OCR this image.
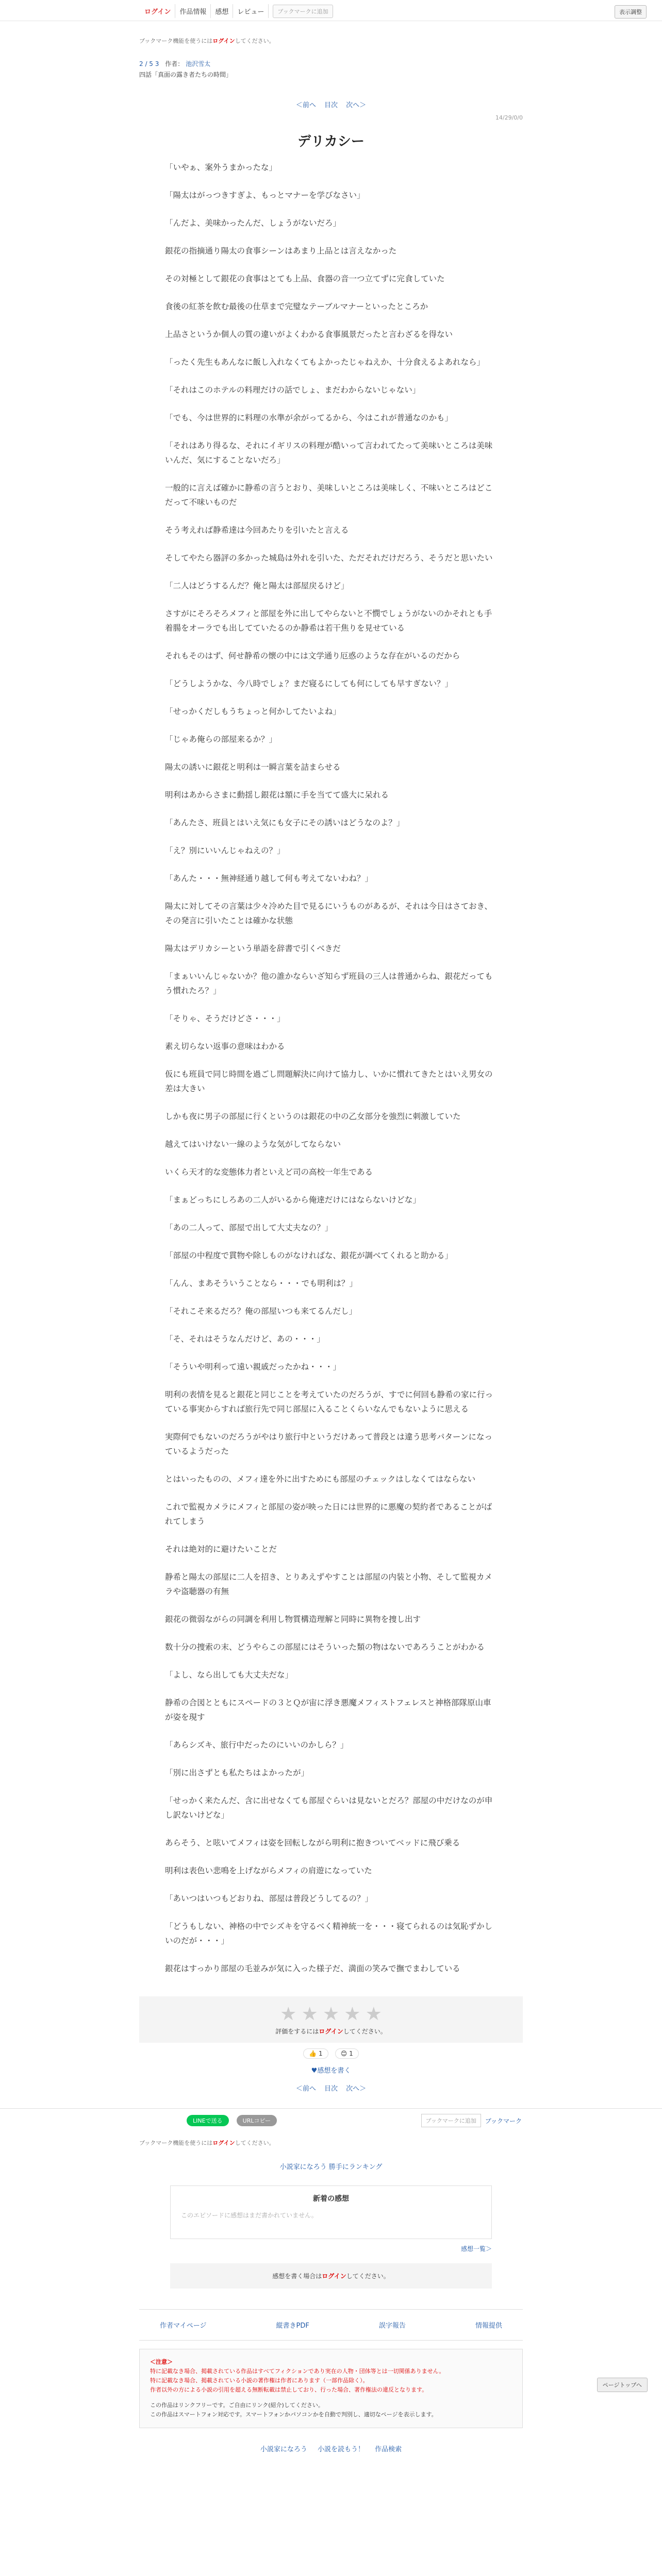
ログイン	作品情報	感想	レビュー	ブックマークに追加	表示調整
ブックマーク機能を使うにはログインしてください。
2 / 5 3 作者： 池沢雪太
四話「真面の露き者たちの時間」
＜前へ 目次 次へ＞
14/29/0/0
デリカシー

「いやぁ、案外うまかったな」

「陽太はがっつきすぎよ、もっとマナーを学びなさい」

「んだよ、美味かったんだ、しょうがないだろ」

銀花の指摘通り陽太の食事シーンはあまり上品とは言えなかった

その対極として銀花の食事はとても上品、食器の音一つ立てずに完食していた

食後の紅茶を飲む最後の仕草まで完璧なテーブルマナーといったところか

上品さというか個人の質の違いがよくわかる食事風景だったと言わざるを得ない

「ったく先生もあんなに飯し入れなくてもよかったじゃねえか、十分食えるよあれなら」

「それはこのホテルの料理だけの話でしょ、まだわからないじゃない」

「でも、今は世界的に料理の水準が余がってるから、今はこれが普通なのかも」

「それはあり得るな、それにイギリスの料理が酷いって言われてたって美味いところは美味いんだ、気にすることないだろ」

一般的に言えば確かに静希の言うとおり、美味しいところは美味しく、不味いところはどこだって不味いものだ

そう考えれば静希達は今回あたりを引いたと言える

そしてやたら器評の多かった城島は外れを引いた、ただそれだけだろう、そうだと思いたい

「二人はどうするんだ？俺と陽太は部屋戻るけど」

さすがにそろそろメフィと部屋を外に出してやらないと不憫でしょうがないのかそれとも手着腸をオーラでも出してていたるのか静希は若干焦りを見せている

それもそのはず、何せ静希の懐の中には文学通り厄惑のような存在がいるのだから

「どうしようかな、今八時でしょ？まだ寝るにしても何にしても早すぎない？」

「せっかくだしもうちょっと何かしてたいよね」

「じゃあ俺らの部屋来るか？」

陽太の誘いに銀花と明利は一瞬言葉を詰まらせる

明利はあからさまに動揺し銀花は額に手を当てて盛大に呆れる

「あんたさ、班員とはいえ気にも女子にその誘いはどうなのよ？」

「え？別にいいんじゃねえの？」

「あんた・・・無神経通り越して何も考えてないわね？」

陽太に対してその言葉は少々冷めた目で見るにいうものがあるが、それは今日はさておき、その発言に引いたことは確かな状態

陽太はデリカシーという単語を辞書で引くべきだ

「まぁいいんじゃないか？他の誰かならいざ知らず班員の三人は普通からね、銀花だってもう慣れたろ？」

「そりゃ、そうだけどさ・・・」

素え切らない返事の意味はわかる

仮にも班員で同じ時間を過ごし問題解決に向けて協力し、いかに慣れてきたとはいえ男女の差は大きい

しかも夜に男子の部屋に行くというのは銀花の中の乙女部分を強烈に刺激していた

越えてはいけない一線のような気がしてならない

いくら天才的な変態体力者といえど司の高校一年生である

「まぁどっちにしろあの二人がいるから俺達だけにはならないけどな」

「あの二人って、部屋で出して大丈夫なの？」

「部屋の中程度で貫物や除しものがなければな、銀花が調べてくれると助かる」

「んん、まあそういうことなら・・・でも明利は？」

「それこそ来るだろ？俺の部屋いつも来てるんだし」

「そ、それはそうなんだけど、あの・・・」

「そういや明利って遠い親戚だったかね・・・」

明利の表情を見ると銀花と同じことを考えていたのだろうが、すでに何回も静希の家に行っている事実からすれば旅行先で同じ部屋に入ることくらいなんでもないように思える

実際何でもないのだろうがやはり旅行中というだけあって普段とは違う思考パターンになっているようだった

とはいったものの、メフィ達を外に出すためにも部屋のチェックはしなくてはならない

これで監視カメラにメフィと部屋の姿が映った日には世界的に悪魔の契約者であることがばれてしまう

それは絶対的に避けたいことだ

静希と陽太の部屋に二人を招き、とりあえずやすことは部屋の内装と小物、そして監視カメラや盗聴器の有無

銀花の微弱ながらの同調を利用し物質構造理解と同時に異物を捜し出す

数十分の捜索の末、どうやらこの部屋にはそういった類の物はないであろうことがわかる

「よし、なら出しても大丈夫だな」

静希の合図とともにスペードの３とＱが宙に浮き悪魔メフィストフェレスと神格部隊原山車が姿を現す

「あらシズキ、旅行中だったのにいいのかしら？」

「別に出さずとも私たちはよかったが」

「せっかく来たんだ、含に出せなくても部屋ぐらいは見ないとだろ？部屋の中だけなのが申し訳ないけどな」

あらそう、と呟いてメフィは姿を回転しながら明利に抱きついてベッドに飛び乗る

明利は表色い悲鳴を上げながらメフィの肩遊になっていた

「あいつはいつもどおりね、部屋は普段どうしてるの？」

「どうもしない、神格の中でシズキを守るべく精神統一を・・・寝てられるのは気恥ずかしいのだが・・・」

銀花はすっかり部屋の毛並みが気に入った様子だ、満面の笑みで撫でまわしている

★ ★ ★ ★ ★
評価をするにはログインしてください。
👍 1	😊 1
♥感想を書く
＜前へ 目次 次へ＞
ページトップへ
LINEで送る	URLコピー	ブックマークに追加	ブックマーク
ブックマーク機能を使うにはログインしてください。
小説家になろう 勝手にランキング
新着の感想
このエピソードに感想はまだ書かれていません。
感想一覧＞
感想を書く場合はログインしてください。
作者マイページ	縦書きPDF	誤字報告	情報提供
＜注意＞
特に記載なき場合、掲載されている作品はすべてフィクションであり実在の人物・団体等とは一切関係ありません。
特に記載なき場合、掲載されている小説の著作権は作者にあります（一部作品除く）。
作者以外の方による小説の引用を超える無断転載は禁止しており、行った場合、著作権法の違反となります。
この作品はリンクフリーです。ご自由にリンク(紹介)してください。
この作品はスマートフォン対応です。スマートフォンかパソコンかを自動で判別し、適切なページを表示します。
小説家になろう 小説を読もう！ 作品検索
